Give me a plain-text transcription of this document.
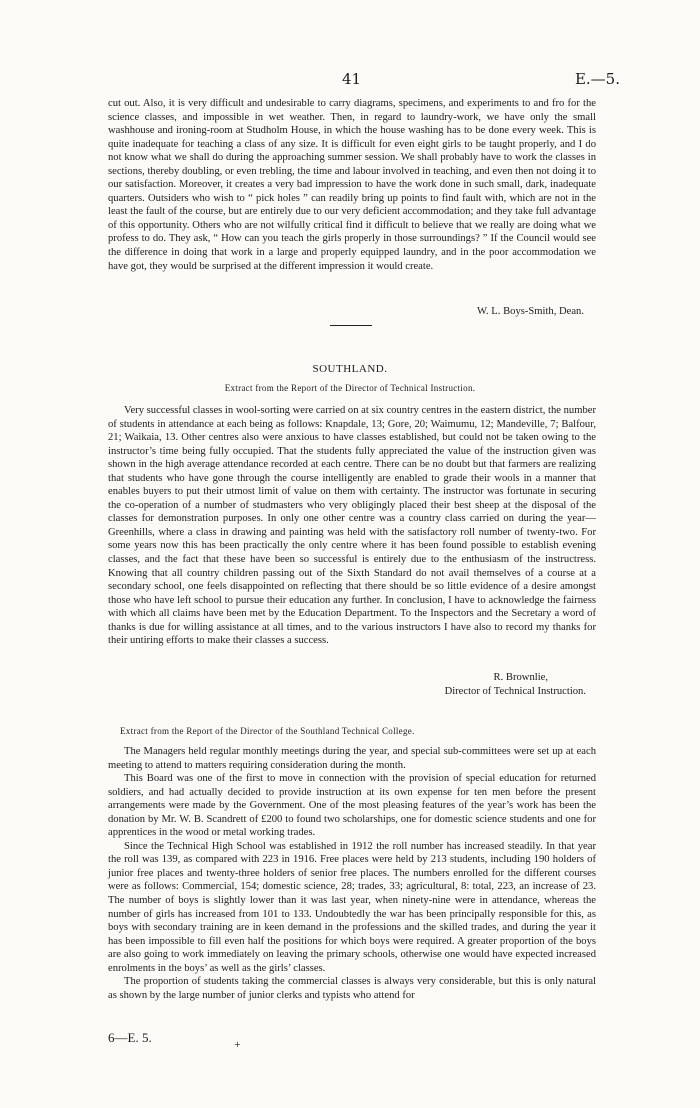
41	E.—5.

cut out. Also, it is very difficult and undesirable to carry diagrams, specimens, and experiments to and fro for the science classes, and impossible in wet weather. Then, in regard to laundry-work, we have only the small washhouse and ironing-room at Studholm House, in which the house washing has to be done every week. This is quite inadequate for teaching a class of any size. It is difficult for even eight girls to be taught properly, and I do not know what we shall do during the approaching summer session. We shall probably have to work the classes in sections, thereby doubling, or even trebling, the time and labour involved in teaching, and even then not doing it to our satisfaction. Moreover, it creates a very bad impression to have the work done in such small, dark, inadequate quarters. Outsiders who wish to “ pick holes ” can readily bring up points to find fault with, which are not in the least the fault of the course, but are entirely due to our very deficient accommodation; and they take full advantage of this opportunity. Others who are not wilfully critical find it difficult to believe that we really are doing what we profess to do. They ask, “ How can you teach the girls properly in those surroundings? ” If the Council would see the difference in doing that work in a large and properly equipped laundry, and in the poor accommodation we have got, they would be surprised at the different impression it would create.

W. L. Boys-Smith, Dean.
SOUTHLAND.
Extract from the Report of the Director of Technical Instruction.

Very successful classes in wool-sorting were carried on at six country centres in the eastern district, the number of students in attendance at each being as follows: Knapdale, 13; Gore, 20; Waimumu, 12; Mandeville, 7; Balfour, 21; Waikaia, 13. Other centres also were anxious to have classes established, but could not be taken owing to the instructor’s time being fully occupied. That the students fully appreciated the value of the instruction given was shown in the high average attendance recorded at each centre. There can be no doubt but that farmers are realizing that students who have gone through the course intelligently are enabled to grade their wools in a manner that enables buyers to put their utmost limit of value on them with certainty. The instructor was fortunate in securing the co-operation of a number of studmasters who very obligingly placed their best sheep at the disposal of the classes for demonstration purposes. In only one other centre was a country class carried on during the year—Greenhills, where a class in drawing and painting was held with the satisfactory roll number of twenty-two. For some years now this has been practically the only centre where it has been found possible to establish evening classes, and the fact that these have been so successful is entirely due to the enthusiasm of the instructress. Knowing that all country children passing out of the Sixth Standard do not avail themselves of a course at a secondary school, one feels disappointed on reflecting that there should be so little evidence of a desire amongst those who have left school to pursue their education any further. In conclusion, I have to acknowledge the fairness with which all claims have been met by the Education Department. To the Inspectors and the Secretary a word of thanks is due for willing assistance at all times, and to the various instructors I have also to record my thanks for their untiring efforts to make their classes a success.

R. Brownlie,
Director of Technical Instruction.
Extract from the Report of the Director of the Southland Technical College.

The Managers held regular monthly meetings during the year, and special sub-committees were set up at each meeting to attend to matters requiring consideration during the month.

This Board was one of the first to move in connection with the provision of special education for returned soldiers, and had actually decided to provide instruction at its own expense for ten men before the present arrangements were made by the Government. One of the most pleasing features of the year’s work has been the donation by Mr. W. B. Scandrett of £200 to found two scholarships, one for domestic science students and one for apprentices in the wood or metal working trades.

Since the Technical High School was established in 1912 the roll number has increased steadily. In that year the roll was 139, as compared with 223 in 1916. Free places were held by 213 students, including 190 holders of junior free places and twenty-three holders of senior free places. The numbers enrolled for the different courses were as follows: Commercial, 154; domestic science, 28; trades, 33; agricultural, 8: total, 223, an increase of 23. The number of boys is slightly lower than it was last year, when ninety-nine were in attendance, whereas the number of girls has increased from 101 to 133. Undoubtedly the war has been principally responsible for this, as boys with secondary training are in keen demand in the professions and the skilled trades, and during the year it has been impossible to fill even half the positions for which boys were required. A greater proportion of the boys are also going to work immediately on leaving the primary schools, otherwise one would have expected increased enrolments in the boys’ as well as the girls’ classes.

The proportion of students taking the commercial classes is always very considerable, but this is only natural as shown by the large number of junior clerks and typists who attend for

6—E. 5.	+
